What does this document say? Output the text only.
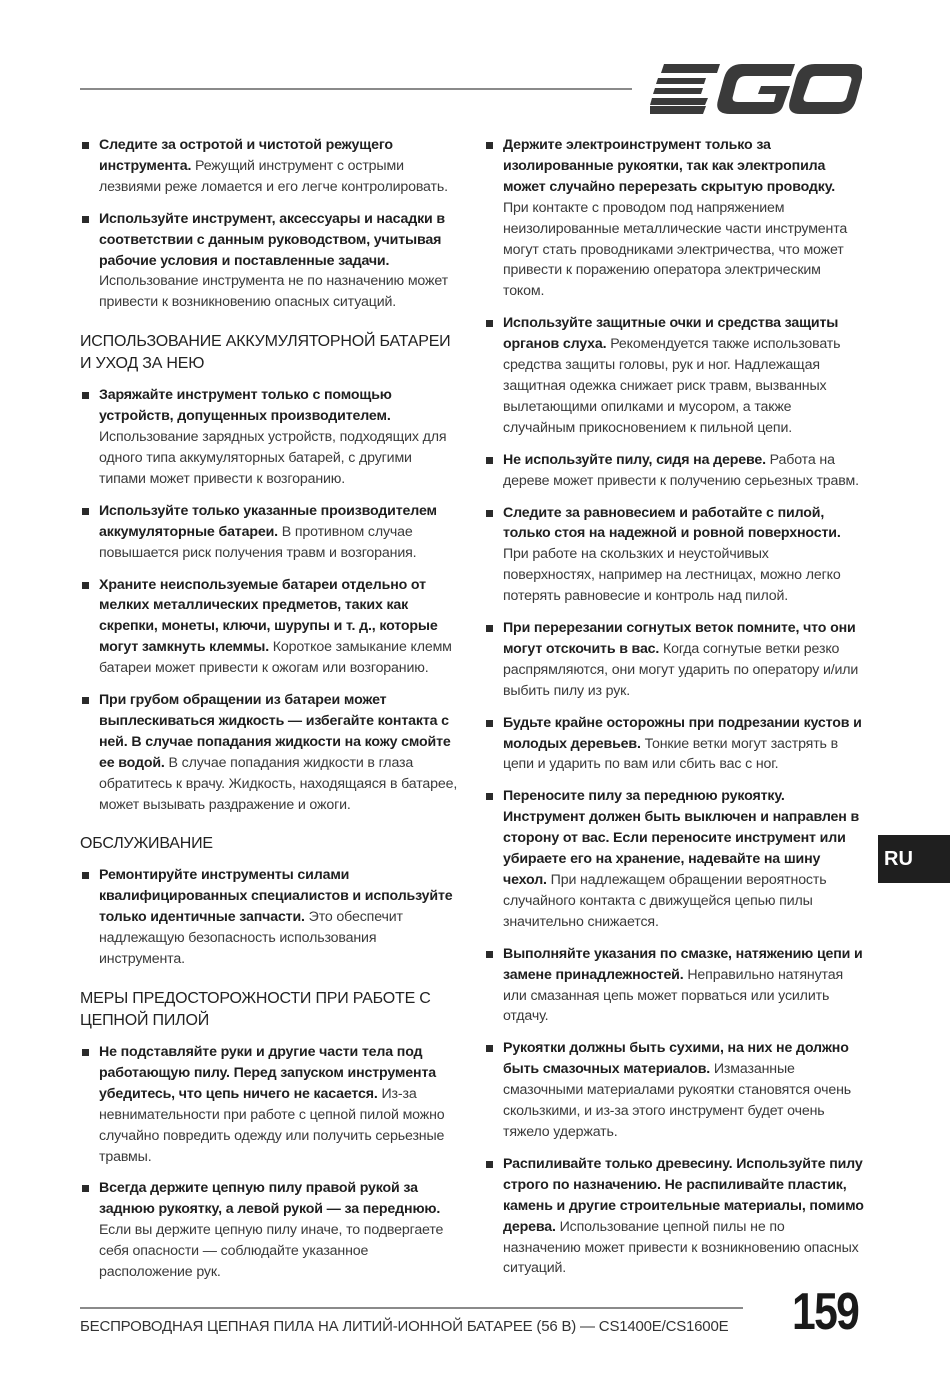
Следите за остротой и чистотой режущего инструмента. Режущий инструмент с острыми лезвиями реже ломается и его легче контролировать.
Используйте инструмент, аксессуары и насадки в соответствии с данным руководством, учитывая рабочие условия и поставленные задачи. Использование инструмента не по назначению может привести к возникновению опасных ситуаций.
ИСПОЛЬЗОВАНИЕ АККУМУЛЯТОРНОЙ БАТАРЕИ И УХОД ЗА НЕЮ
Заряжайте инструмент только с помощью устройств, допущенных производителем. Использование зарядных устройств, подходящих для одного типа аккумуляторных батарей, с другими типами может привести к возгоранию.
Используйте только указанные производителем аккумуляторные батареи. В противном случае повышается риск получения травм и возгорания.
Храните неиспользуемые батареи отдельно от мелких металлических предметов, таких как скрепки, монеты, ключи, шурупы и т. д., которые могут замкнуть клеммы. Короткое замыкание клемм батареи может привести к ожогам или возгоранию.
При грубом обращении из батареи может выплескиваться жидкость — избегайте контакта с ней. В случае попадания жидкости на кожу смойте ее водой. В случае попадания жидкости в глаза обратитесь к врачу. Жидкость, находящаяся в батарее, может вызывать раздражение и ожоги.
ОБСЛУЖИВАНИЕ
Ремонтируйте инструменты силами квалифицированных специалистов и используйте только идентичные запчасти. Это обеспечит надлежащую безопасность использования инструмента.
МЕРЫ ПРЕДОСТОРОЖНОСТИ ПРИ РАБОТЕ С ЦЕПНОЙ ПИЛОЙ
Не подставляйте руки и другие части тела под работающую пилу. Перед запуском инструмента убедитесь, что цепь ничего не касается. Из-за невнимательности при работе с цепной пилой можно случайно повредить одежду или получить серьезные травмы.
Всегда держите цепную пилу правой рукой за заднюю рукоятку, а левой рукой — за переднюю. Если вы держите цепную пилу иначе, то подвергаете себя опасности — соблюдайте указанное расположение рук.
Держите электроинструмент только за изолированные рукоятки, так как электропила может случайно перерезать скрытую проводку. При контакте с проводом под напряжением неизолированные металлические части инструмента могут стать проводниками электричества, что может привести к поражению оператора электрическим током.
Используйте защитные очки и средства защиты органов слуха. Рекомендуется также использовать средства защиты головы, рук и ног. Надлежащая защитная одежка снижает риск травм, вызванных вылетающими опилками и мусором, а также случайным прикосновением к пильной цепи.
Не используйте пилу, сидя на дереве. Работа на дереве может привести к получению серьезных травм.
Следите за равновесием и работайте с пилой, только стоя на надежной и ровной поверхности. При работе на скользких и неустойчивых поверхностях, например на лестницах, можно легко потерять равновесие и контроль над пилой.
При перерезании согнутых веток помните, что они могут отскочить в вас. Когда согнутые ветки резко распрямляются, они могут ударить по оператору и/или выбить пилу из рук.
Будьте крайне осторожны при подрезании кустов и молодых деревьев. Тонкие ветки могут застрять в цепи и ударить по вам или сбить вас с ног.
Переносите пилу за переднюю рукоятку. Инструмент должен быть выключен и направлен в сторону от вас. Если переносите инструмент или убираете его на хранение, надевайте на шину чехол. При надлежащем обращении вероятность случайного контакта с движущейся цепью пилы значительно снижается.
Выполняйте указания по смазке, натяжению цепи и замене принадлежностей. Неправильно натянутая или смазанная цепь может порваться или усилить отдачу.
Рукоятки должны быть сухими, на них не должно быть смазочных материалов. Измазанные смазочными материалами рукоятки становятся очень скользкими, и из-за этого инструмент будет очень тяжело удержать.
Распиливайте только древесину. Используйте пилу строго по назначению. Не распиливайте пластик, камень и другие строительные материалы, помимо дерева. Использование цепной пилы не по назначению может привести к возникновению опасных ситуаций.
RU
БЕСПРОВОДНАЯ ЦЕПНАЯ ПИЛА НА ЛИТИЙ-ИОННОЙ БАТАРЕЕ (56 В) — CS1400E/CS1600E 159
